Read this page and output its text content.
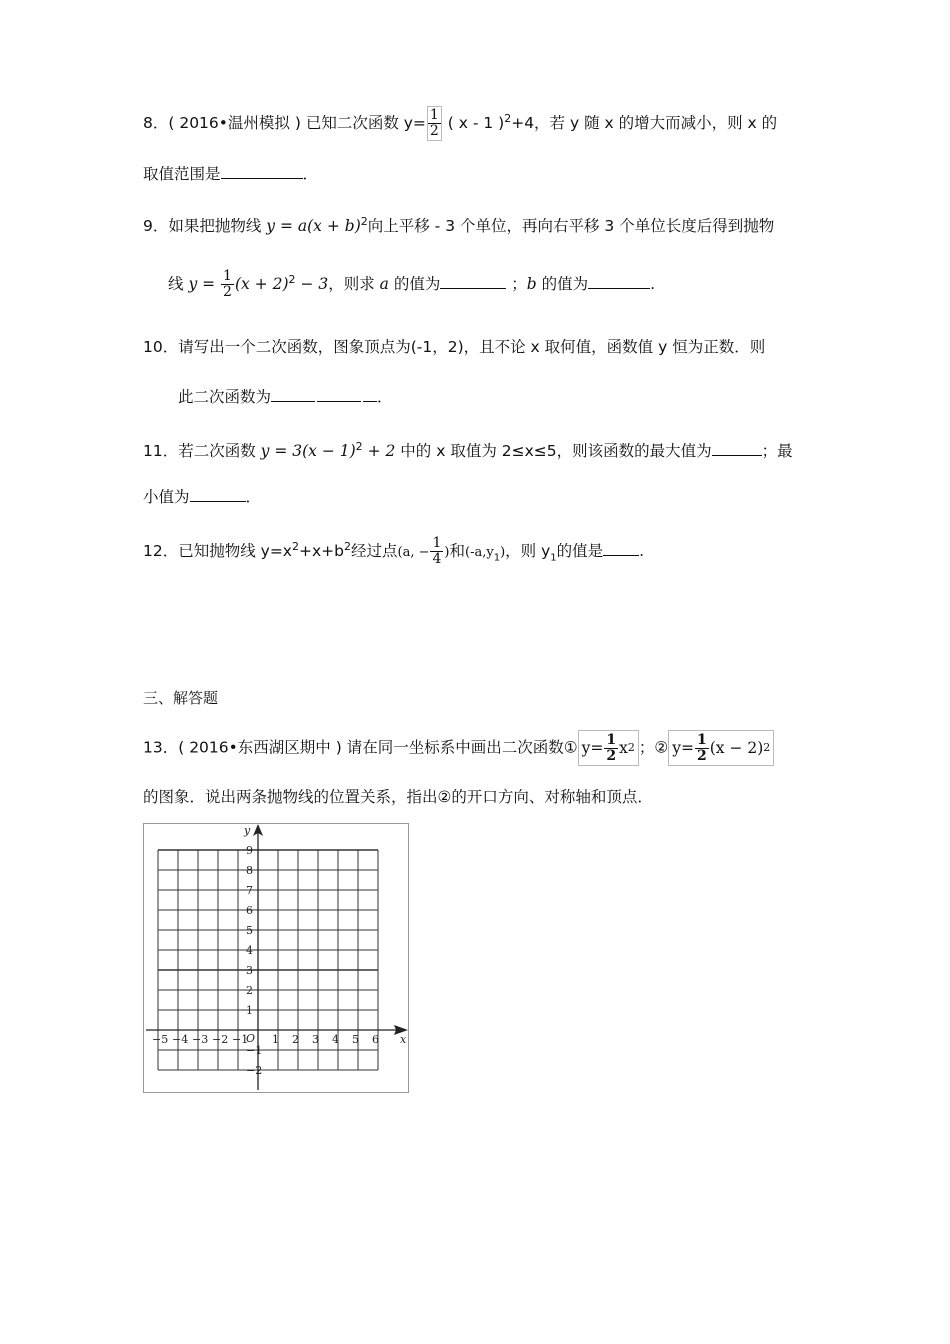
8．( 2016•温州模拟 ) 已知二次函数 $y= \frac{1}{2}$ ( x - 1 )$^2$+4，若 y 随 x 的增大而减小，则 x 的
取值范围是	．
9．如果把抛物线 $y = a(x + b)^2$向上平移 - 3 个单位，再向右平移 3 个单位长度后得到抛物
线 $y = \frac{1}{2} (x + 2)^2 - 3$，则求 a 的值为	；b 的值为	.
10．请写出一个二次函数，图象顶点为(-1，2)，且不论 x 取何值，函数值 y 恒为正数．则
此二次函数为	．
11．若二次函数 $y = 3(x - 1)^2 + 2$ 中的 x 取值为 2≤x≤5，则该函数的最大值为	；最
小值为	．
12．已知抛物线 $y=x^2+x+b^2$经过点(a, − $\frac{1}{4}$ )和$(-a,y_1)$，则 $y_1$的值是 .
三、解答题
13．( 2016•东西湖区期中 ) 请在同一坐标系中画出二次函数① $y= \frac{1}{2}$ x 2 ；② $y= \frac{1}{2} (x - 2)$ 2
的图象．说出两条抛物线的位置关系，指出②的开口方向、对称轴和顶点．
x
y
O
−5 −4 −3 −2 −1 1 2 3 4 5 6
9
8
7
6
5
4
3
2
1
−1
−2
